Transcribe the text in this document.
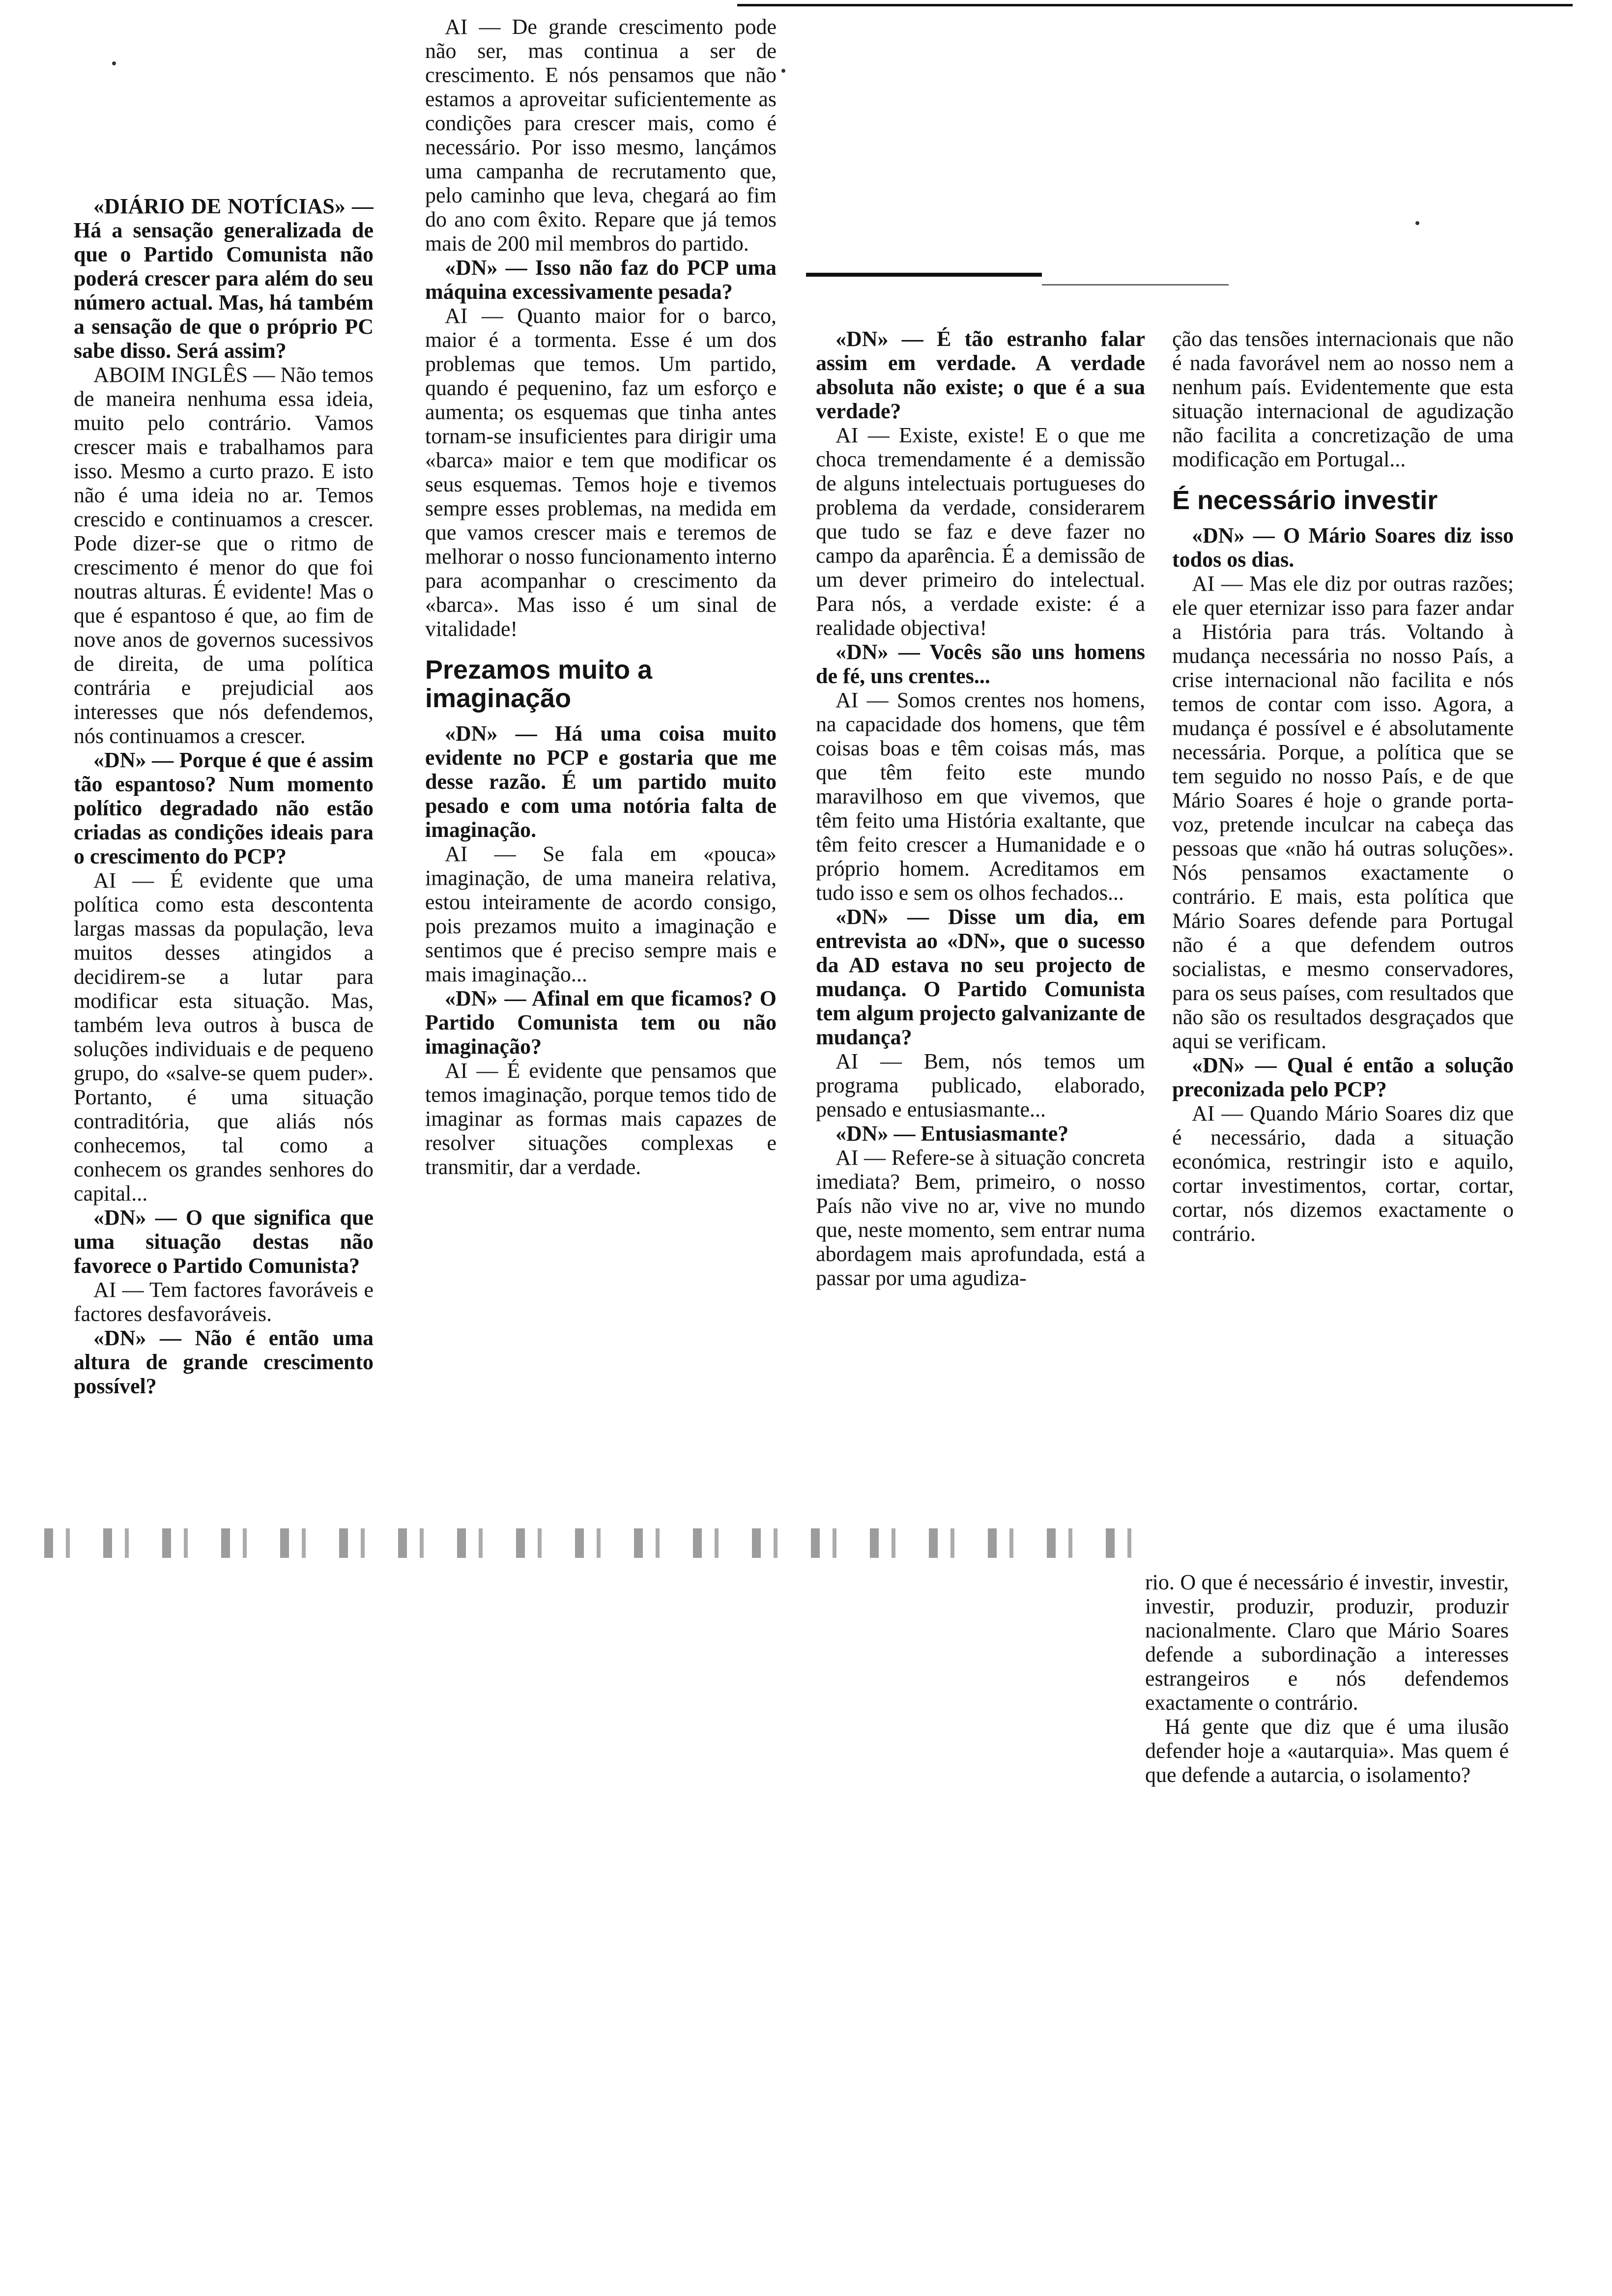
«DIÁRIO DE NOTÍCIAS» — Há a sensação generalizada de que o Partido Comunista não poderá crescer para além do seu número actual. Mas, há também a sensação de que o próprio PC sabe disso. Será assim?

ABOIM INGLÊS — Não temos de maneira nenhuma essa ideia, muito pelo contrário. Vamos crescer mais e trabalhamos para isso. Mesmo a curto prazo. E isto não é uma ideia no ar. Temos crescido e continuamos a crescer. Pode dizer-se que o ritmo de crescimento é menor do que foi noutras alturas. É evidente! Mas o que é espantoso é que, ao fim de nove anos de governos sucessivos de direita, de uma política contrária e prejudicial aos interesses que nós defendemos, nós continuamos a crescer.

«DN» — Porque é que é assim tão espantoso? Num momento político degradado não estão criadas as condições ideais para o crescimento do PCP?

AI — É evidente que uma política como esta descontenta largas massas da população, leva muitos desses atingidos a decidirem-se a lutar para modificar esta situação. Mas, também leva outros à busca de soluções individuais e de pequeno grupo, do «salve-se quem puder». Portanto, é uma situação contraditória, que aliás nós conhecemos, tal como a conhecem os grandes senhores do capital...

«DN» — O que significa que uma situação destas não favorece o Partido Comunista?

AI — Tem factores favoráveis e factores desfavoráveis.

«DN» — Não é então uma altura de grande crescimento possível?

AI — De grande crescimento pode não ser, mas continua a ser de crescimento. E nós pensamos que não estamos a aproveitar suficientemente as condições para crescer mais, como é necessário. Por isso mesmo, lançámos uma campanha de recrutamento que, pelo caminho que leva, chegará ao fim do ano com êxito. Repare que já temos mais de 200 mil membros do partido.

«DN» — Isso não faz do PCP uma máquina excessivamente pesada?

AI — Quanto maior for o barco, maior é a tormenta. Esse é um dos problemas que temos. Um partido, quando é pequenino, faz um esforço e aumenta; os esquemas que tinha antes tornam-se insuficientes para dirigir uma «barca» maior e tem que modificar os seus esquemas. Temos hoje e tivemos sempre esses problemas, na medida em que vamos crescer mais e teremos de melhorar o nosso funcionamento interno para acompanhar o crescimento da «barca». Mas isso é um sinal de vitalidade!

Prezamos muito a imaginação

«DN» — Há uma coisa muito evidente no PCP e gostaria que me desse razão. É um partido muito pesado e com uma notória falta de imaginação.

AI — Se fala em «pouca» imaginação, de uma maneira relativa, estou inteiramente de acordo consigo, pois prezamos muito a imaginação e sentimos que é preciso sempre mais e mais imaginação...

«DN» — Afinal em que ficamos? O Partido Comunista tem ou não imaginação?

AI — É evidente que pensamos que temos imaginação, porque temos tido de imaginar as formas mais capazes de resolver situações complexas e transmitir, dar a verdade.

«DN» — É tão estranho falar assim em verdade. A verdade absoluta não existe; o que é a sua verdade?

AI — Existe, existe! E o que me choca tremendamente é a demissão de alguns intelectuais portugueses do problema da verdade, considerarem que tudo se faz e deve fazer no campo da aparência. É a demissão de um dever primeiro do intelectual. Para nós, a verdade existe: é a realidade objectiva!

«DN» — Vocês são uns homens de fé, uns crentes...

AI — Somos crentes nos homens, na capacidade dos homens, que têm coisas boas e têm coisas más, mas que têm feito este mundo maravilhoso em que vivemos, que têm feito uma História exaltante, que têm feito crescer a Humanidade e o próprio homem. Acreditamos em tudo isso e sem os olhos fechados...

«DN» — Disse um dia, em entrevista ao «DN», que o sucesso da AD estava no seu projecto de mudança. O Partido Comunista tem algum projecto galvanizante de mudança?

AI — Bem, nós temos um programa publicado, elaborado, pensado e entusiasmante...

«DN» — Entusiasmante?

AI — Refere-se à situação concreta imediata? Bem, primeiro, o nosso País não vive no ar, vive no mundo que, neste momento, sem entrar numa abordagem mais aprofundada, está a passar por uma agudiza-

ção das tensões internacionais que não é nada favorável nem ao nosso nem a nenhum país. Evidentemente que esta situação internacional de agudização não facilita a concretização de uma modificação em Portugal...

É necessário investir

«DN» — O Mário Soares diz isso todos os dias.

AI — Mas ele diz por outras razões; ele quer eternizar isso para fazer andar a História para trás. Voltando à mudança necessária no nosso País, a crise internacional não facilita e nós temos de contar com isso. Agora, a mudança é possível e é absolutamente necessária. Porque, a política que se tem seguido no nosso País, e de que Mário Soares é hoje o grande porta-voz, pretende inculcar na cabeça das pessoas que «não há outras soluções». Nós pensamos exactamente o contrário. E mais, esta política que Mário Soares defende para Portugal não é a que defendem outros socialistas, e mesmo conservadores, para os seus países, com resultados que não são os resultados desgraçados que aqui se verificam.

«DN» — Qual é então a solução preconizada pelo PCP?

AI — Quando Mário Soares diz que é necessário, dada a situação económica, restringir isto e aquilo, cortar investimentos, cortar, cortar, cortar, nós dizemos exactamente o contrário.

rio. O que é necessário é investir, investir, investir, produzir, produzir, produzir nacionalmente. Claro que Mário Soares defende a subordinação a interesses estrangeiros e nós defendemos exactamente o contrário.

Há gente que diz que é uma ilusão defender hoje a «autarquia». Mas quem é que defende a autarcia, o isolamento?
